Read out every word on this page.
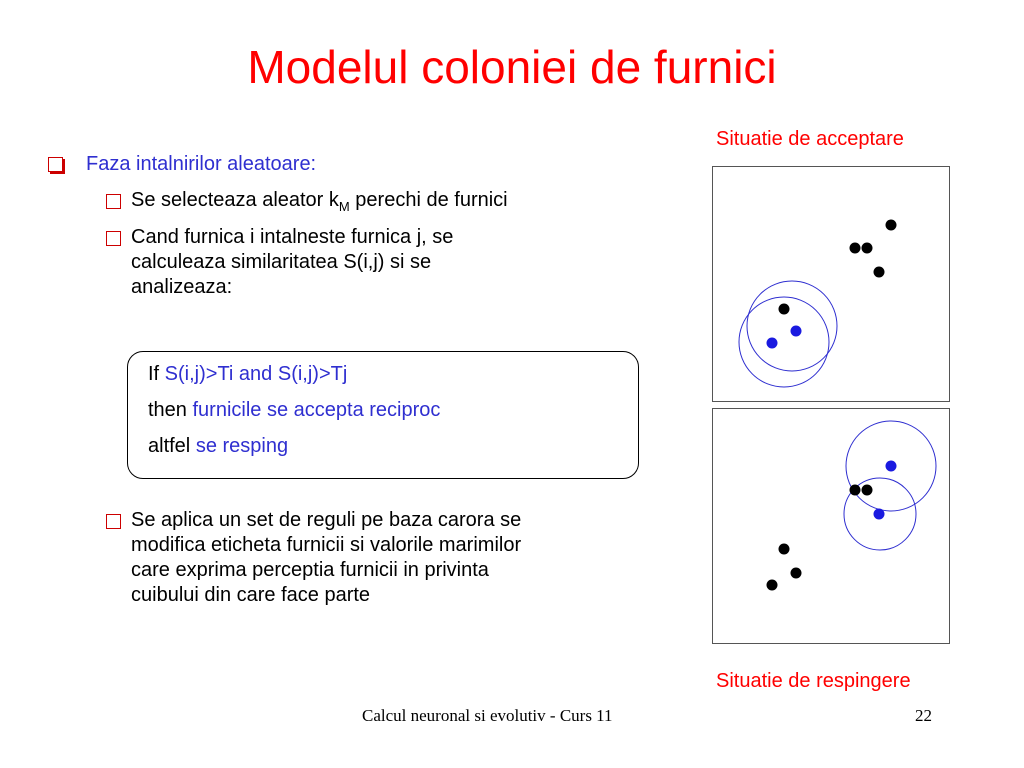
Modelul coloniei de furnici
Faza intalnirilor aleatoare:
Se selecteaza aleator $k_M$ perechi de furnici
Cand furnica i intalneste furnica j, se
calculeaza similaritatea S(i,j) si se
analizeaza:
If S(i,j)>Ti and S(i,j)>Tj
then furnicile se accepta reciproc
altfel se resping
Se aplica un set de reguli pe baza carora se
modifica eticheta furnicii si valorile marimilor
care exprima perceptia furnicii in privinta
cuibului din care face parte
Situatie de acceptare
Situatie de respingere
Calcul neuronal si evolutiv - Curs 11	22
